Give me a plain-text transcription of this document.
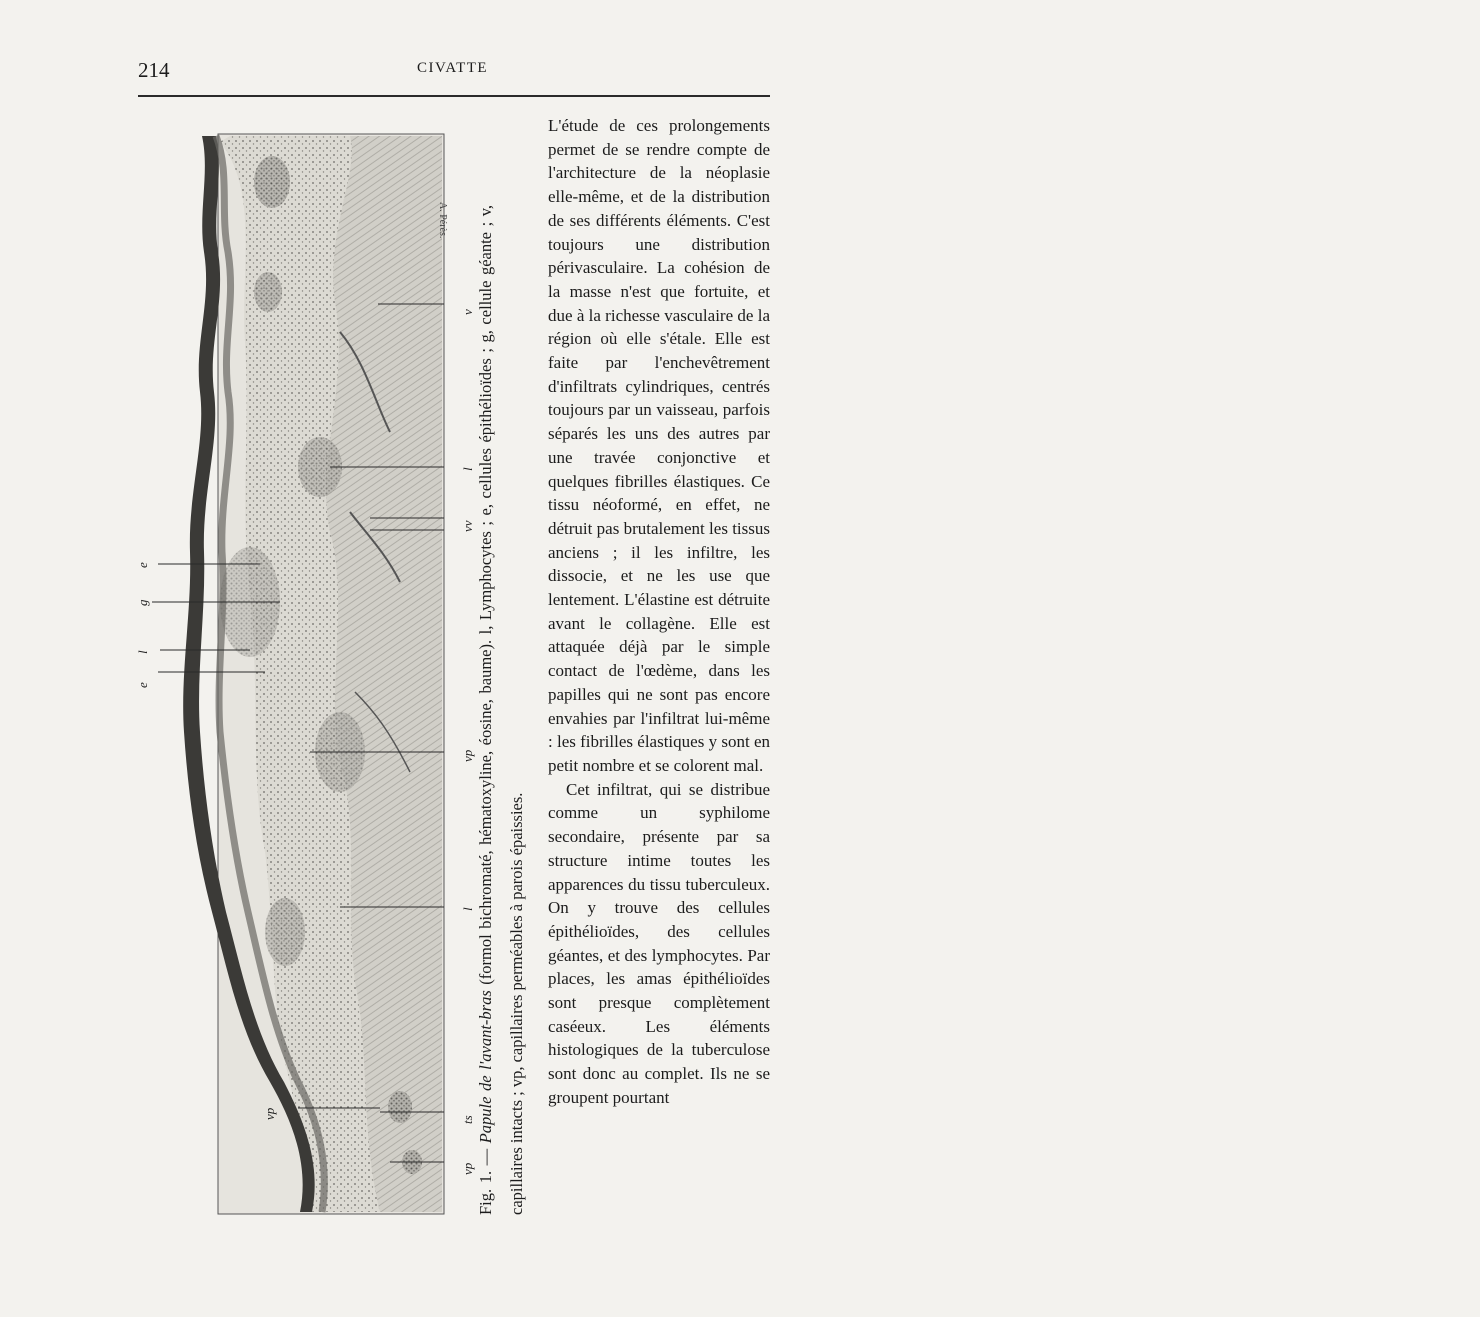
214	CIVATTE
v
l
vv
vp
l
ts
vp
e
g
l
e
vp
A. Pérès.
Fig. 1. — Papule de l'avant-bras (formol bichromaté, hématoxyline, éosine, baume). l, Lymphocytes ; e, cellules épithélioïdes ; g, cellule géante ; v, capillaires intacts ; vp, capillaires perméables à parois épaissies.

L'étude de ces prolongements permet de se rendre compte de l'architecture de la néoplasie elle-même, et de la distribution de ses différents éléments. C'est toujours une distribution périvasculaire. La cohésion de la masse n'est que fortuite, et due à la richesse vasculaire de la région où elle s'étale. Elle est faite par l'enchevêtrement d'infiltrats cylindriques, centrés toujours par un vaisseau, parfois séparés les uns des autres par une travée conjonctive et quelques fibrilles élastiques. Ce tissu néoformé, en effet, ne détruit pas brutalement les tissus anciens ; il les infiltre, les dissocie, et ne les use que lentement. L'élastine est détruite avant le collagène. Elle est attaquée déjà par le simple contact de l'œdème, dans les papilles qui ne sont pas encore envahies par l'infiltrat lui-même : les fibrilles élastiques y sont en petit nombre et se colorent mal.

Cet infiltrat, qui se distribue comme un syphilome secondaire, présente par sa structure intime toutes les apparences du tissu tuberculeux. On y trouve des cellules épithélioïdes, des cellules géantes, et des lymphocytes. Par places, les amas épithélioïdes sont presque complètement caséeux. Les éléments histologiques de la tuberculose sont donc au complet. Ils ne se groupent pourtant
